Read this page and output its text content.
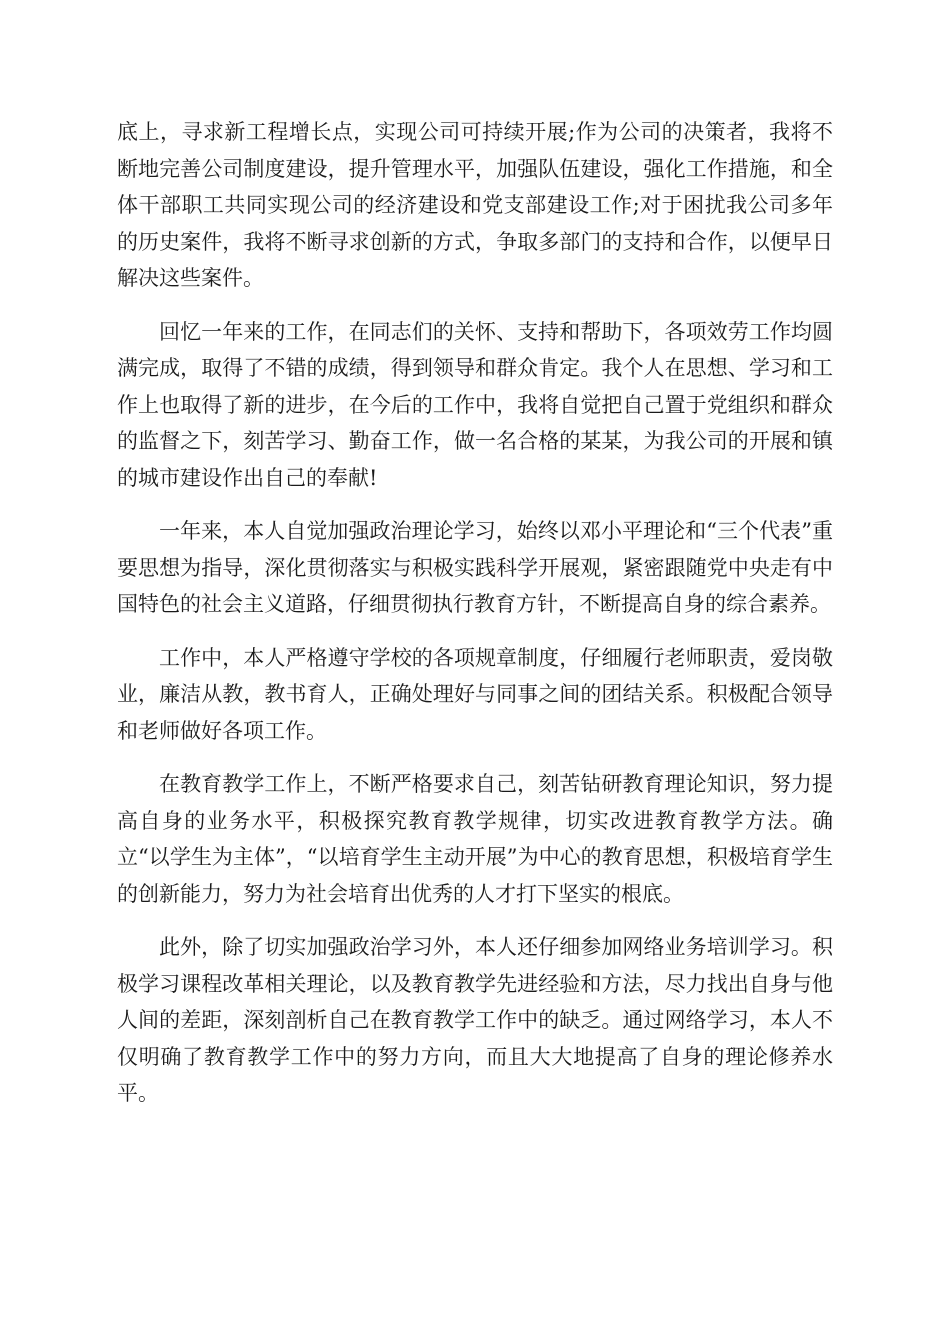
底上，寻求新工程增长点，实现公司可持续开展;作为公司的决策者，我将不断地完善公司制度建设，提升管理水平，加强队伍建设，强化工作措施，和全体干部职工共同实现公司的经济建设和党支部建设工作;对于困扰我公司多年的历史案件，我将不断寻求创新的方式，争取多部门的支持和合作，以便早日解决这些案件。

回忆一年来的工作，在同志们的关怀、支持和帮助下，各项效劳工作均圆满完成，取得了不错的成绩，得到领导和群众肯定。我个人在思想、学习和工作上也取得了新的进步，在今后的工作中，我将自觉把自己置于党组织和群众的监督之下，刻苦学习、勤奋工作，做一名合格的某某，为我公司的开展和镇的城市建设作出自己的奉献!

一年来，本人自觉加强政治理论学习，始终以邓小平理论和“三个代表”重要思想为指导，深化贯彻落实与积极实践科学开展观，紧密跟随党中央走有中国特色的社会主义道路，仔细贯彻执行教育方针，不断提高自身的综合素养。

工作中，本人严格遵守学校的各项规章制度，仔细履行老师职责，爱岗敬业，廉洁从教，教书育人，正确处理好与同事之间的团结关系。积极配合领导和老师做好各项工作。

在教育教学工作上，不断严格要求自己，刻苦钻研教育理论知识，努力提高自身的业务水平，积极探究教育教学规律，切实改进教育教学方法。确立“以学生为主体”，“以培育学生主动开展”为中心的教育思想，积极培育学生的创新能力，努力为社会培育出优秀的人才打下坚实的根底。

此外，除了切实加强政治学习外，本人还仔细参加网络业务培训学习。积极学习课程改革相关理论，以及教育教学先进经验和方法，尽力找出自身与他人间的差距，深刻剖析自己在教育教学工作中的缺乏。通过网络学习，本人不仅明确了教育教学工作中的努力方向，而且大大地提高了自身的理论修养水平。
